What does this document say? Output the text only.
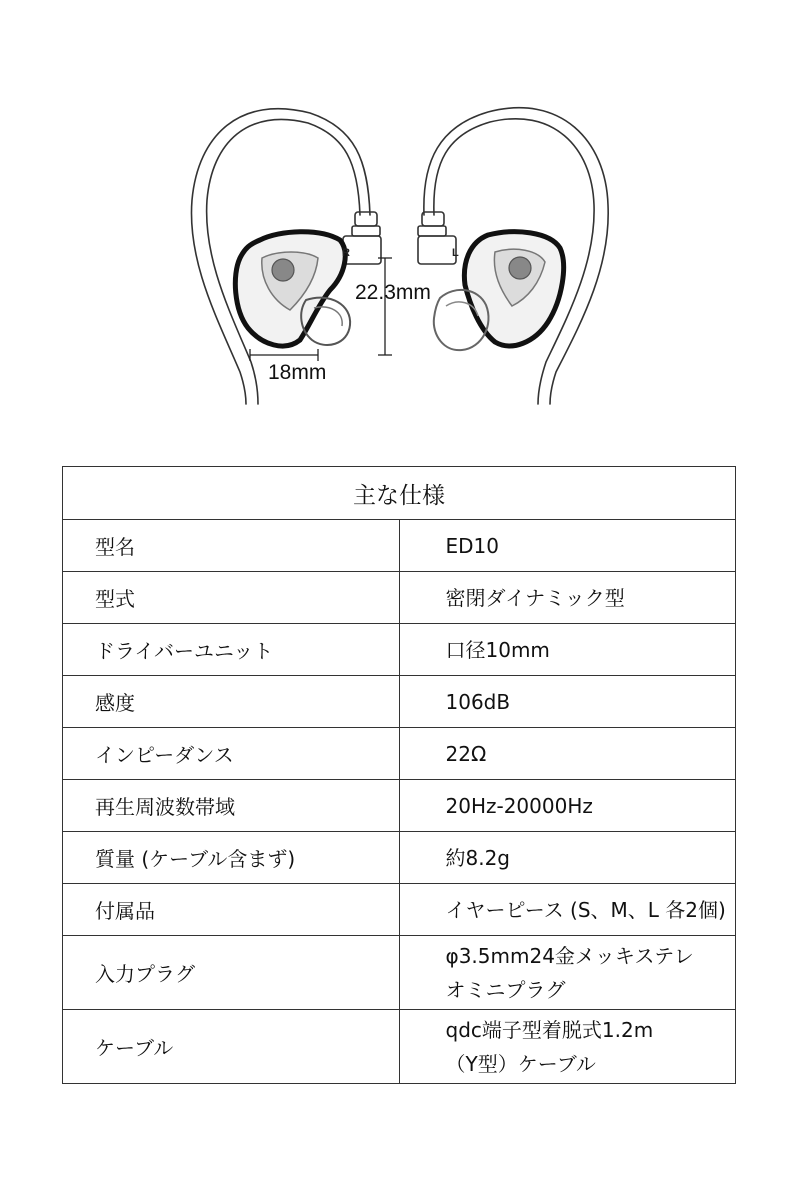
R	L
22.3mm
18mm
主な仕様	
型名	ED10
型式	密閉ダイナミック型
ドライバーユニット	口径10mm
感度	106dB
インピーダンス	22Ω
再生周波数帯域	20Hz-20000Hz
質量 (ケーブル含まず)	約8.2g
付属品	イヤーピース (S、M、L 各2個)
入力プラグ	φ3.5mm24金メッキステレ
オミニプラグ

ケーブル	qdc端子型着脱式1.2m
（Y型）ケーブル
